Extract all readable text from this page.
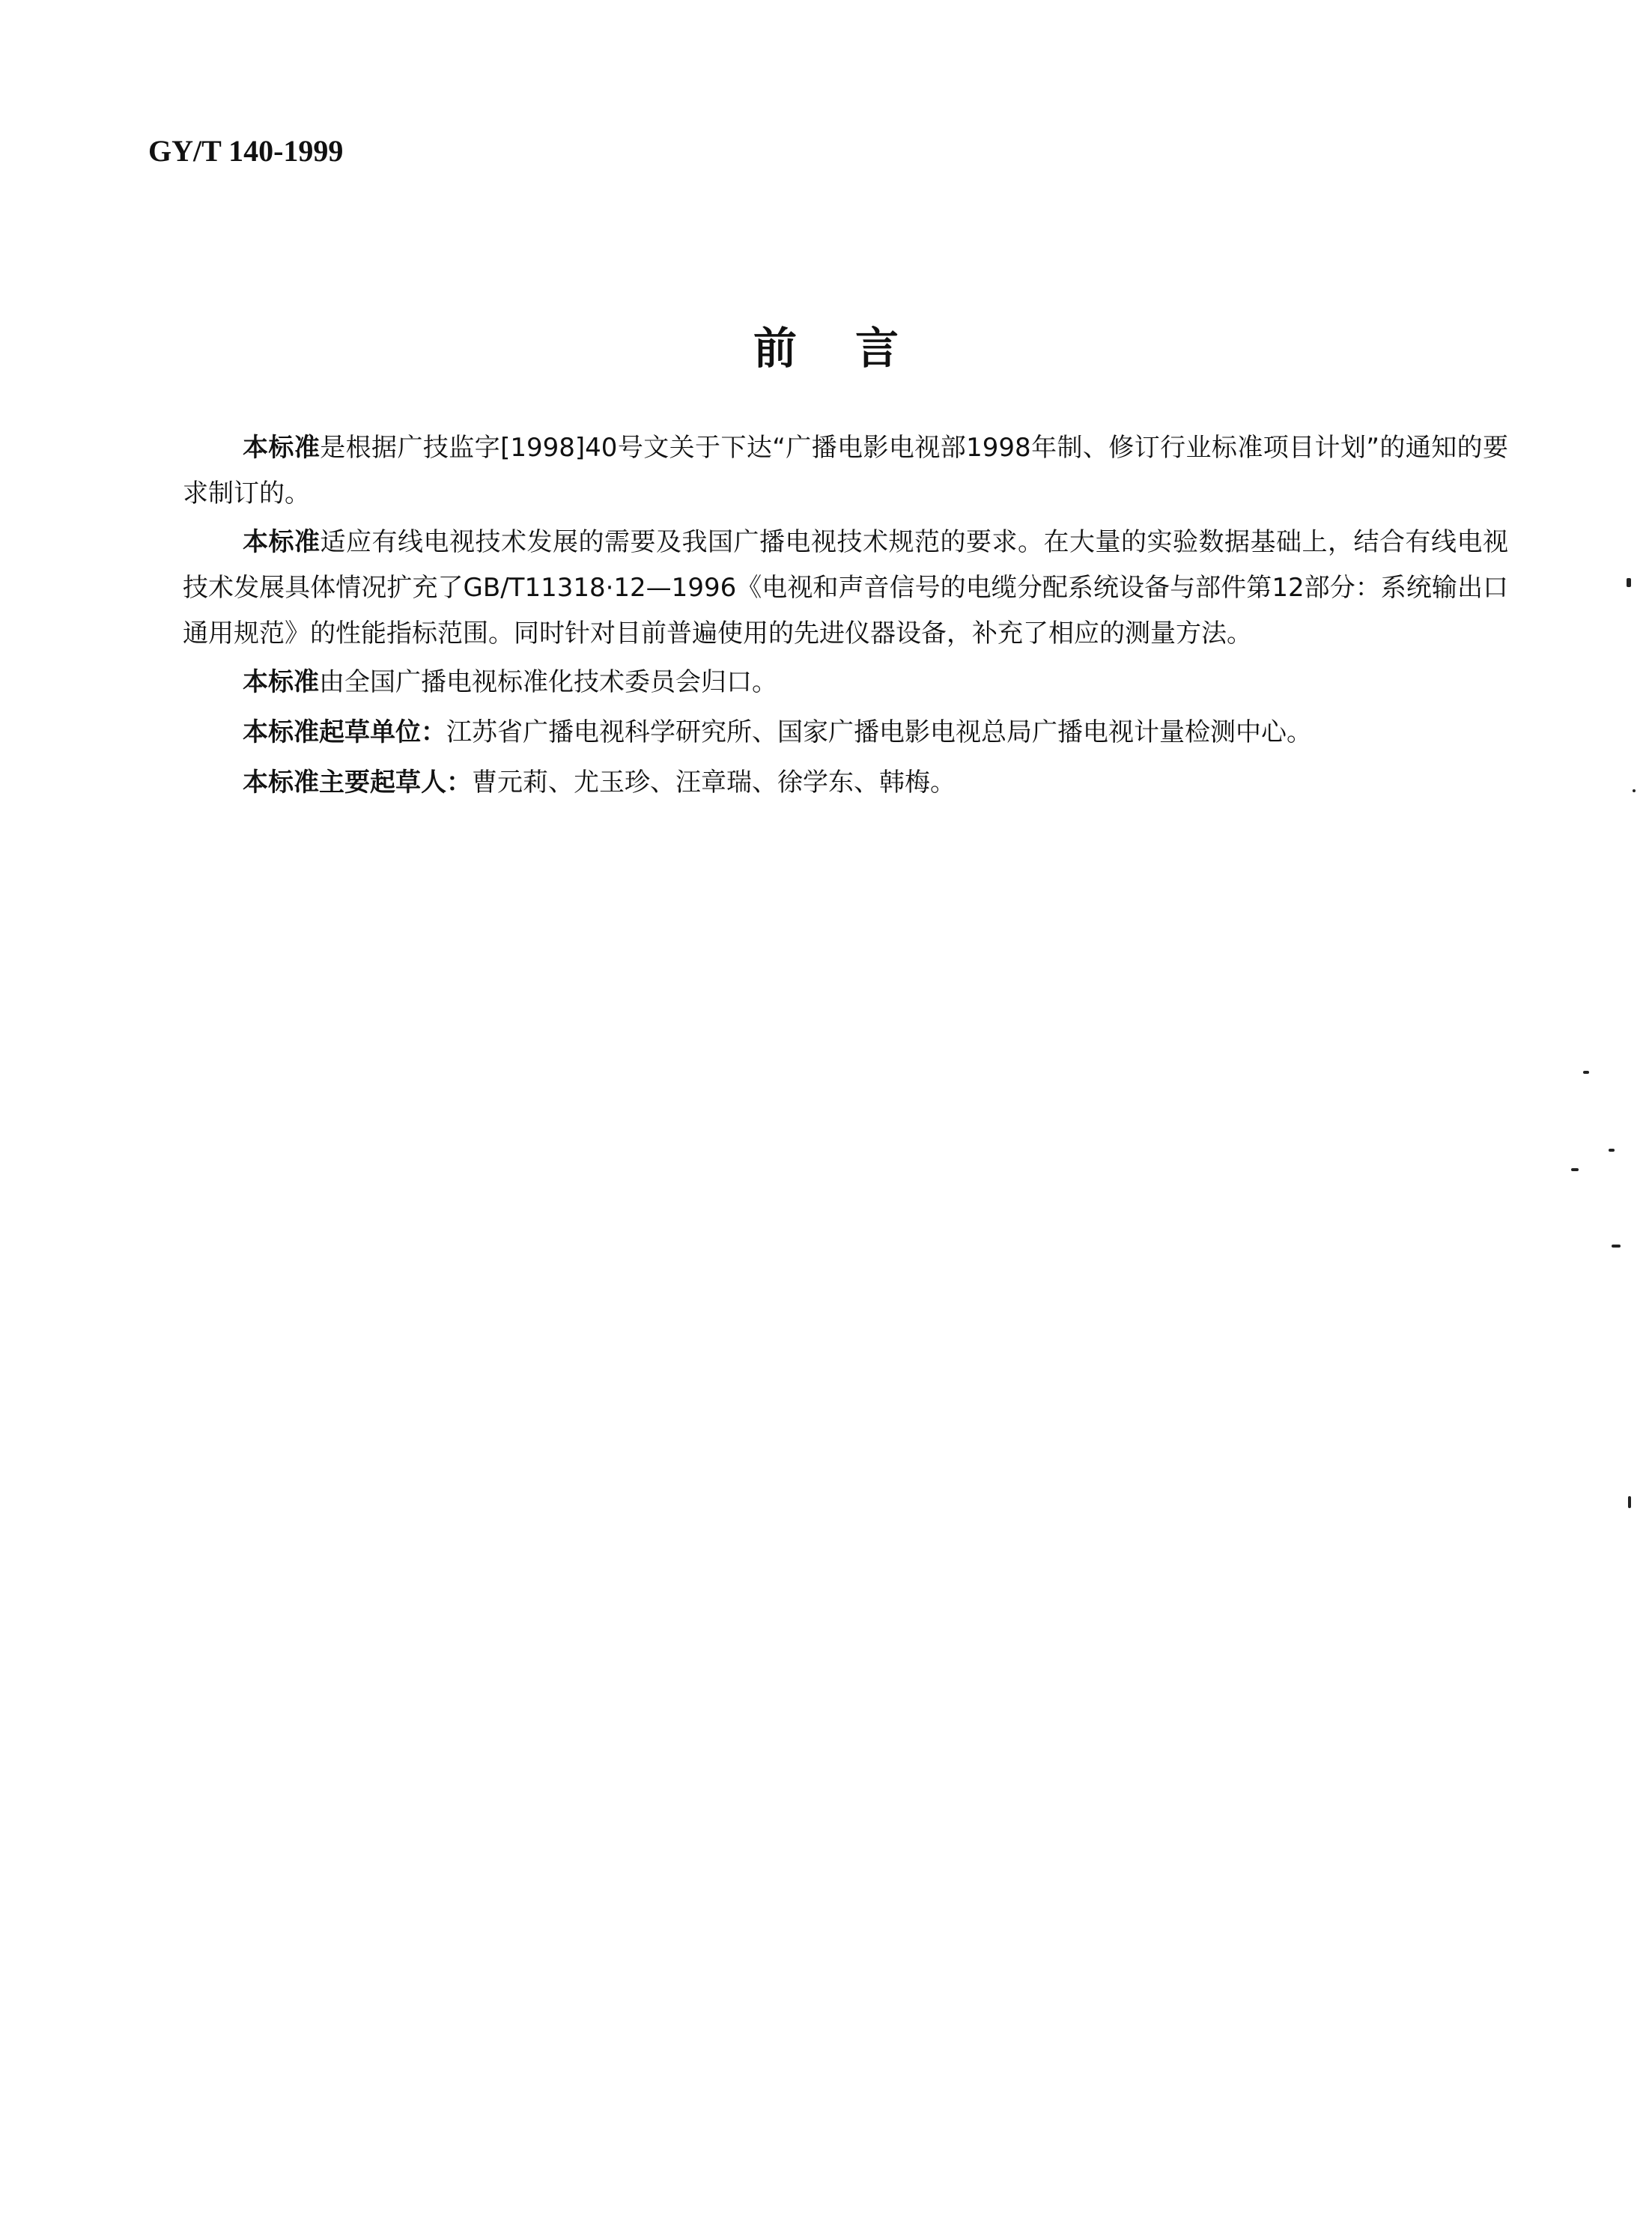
GY/T 140-1999
前言

本标准是根据广技监字[1998]40号文关于下达“广播电影电视部1998年制、修订行业标准项目计划”的通知的要求制订的。

本标准适应有线电视技术发展的需要及我国广播电视技术规范的要求。在大量的实验数据基础上，结合有线电视技术发展具体情况扩充了GB/T11318·12—1996《电视和声音信号的电缆分配系统设备与部件第12部分：系统输出口通用规范》的性能指标范围。同时针对目前普遍使用的先进仪器设备，补充了相应的测量方法。

本标准由全国广播电视标准化技术委员会归口。

本标准起草单位：江苏省广播电视科学研究所、国家广播电影电视总局广播电视计量检测中心。

本标准主要起草人：曹元莉、尤玉珍、汪章瑞、徐学东、韩梅。
